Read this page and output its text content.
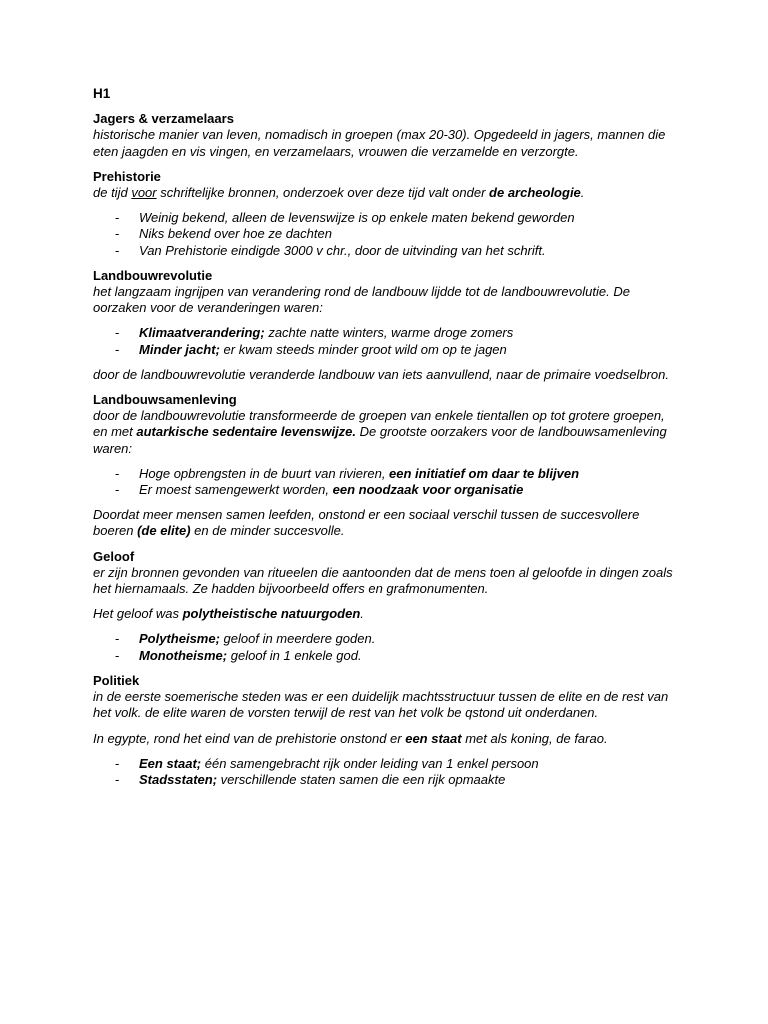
H1
Jagers & verzamelaars

historische manier van leven, nomadisch in groepen (max 20-30). Opgedeeld in jagers, mannen die eten jaagden en vis vingen, en verzamelaars, vrouwen die verzamelde en verzorgte.

Prehistorie

de tijd voor schriftelijke bronnen, onderzoek over deze tijd valt onder de archeologie.

- Weinig bekend, alleen de levenswijze is op enkele maten bekend geworden
- Niks bekend over hoe ze dachten
- Van Prehistorie eindigde 3000 v chr., door de uitvinding van het schrift.
Landbouwrevolutie

het langzaam ingrijpen van verandering rond de landbouw lijdde tot de landbouwrevolutie. De oorzaken voor de veranderingen waren:

- Klimaatverandering; zachte natte winters, warme droge zomers
- Minder jacht; er kwam steeds minder groot wild om op te jagen

door de landbouwrevolutie veranderde landbouw van iets aanvullend, naar de primaire voedselbron.

Landbouwsamenleving

door de landbouwrevolutie transformeerde de groepen van enkele tientallen op tot grotere groepen, en met autarkische sedentaire levenswijze. De grootste oorzakers voor de landbouwsamenleving waren:

- Hoge opbrengsten in de buurt van rivieren, een initiatief om daar te blijven
- Er moest samengewerkt worden, een noodzaak voor organisatie

Doordat meer mensen samen leefden, onstond er een sociaal verschil tussen de succesvollere boeren (de elite) en de minder succesvolle.

Geloof

er zijn bronnen gevonden van ritueelen die aantoonden dat de mens toen al geloofde in dingen zoals het hiernamaals. Ze hadden bijvoorbeeld offers en grafmonumenten.

Het geloof was polytheistische natuurgoden.

- Polytheisme; geloof in meerdere goden.
- Monotheisme; geloof in 1 enkele god.
Politiek

in de eerste soemerische steden was er een duidelijk machtsstructuur tussen de elite en de rest van het volk. de elite waren de vorsten terwijl de rest van het volk be qstond uit onderdanen.

In egypte, rond het eind van de prehistorie onstond er een staat met als koning, de farao.

- Een staat; één samengebracht rijk onder leiding van 1 enkel persoon
- Stadsstaten; verschillende staten samen die een rijk opmaakte
